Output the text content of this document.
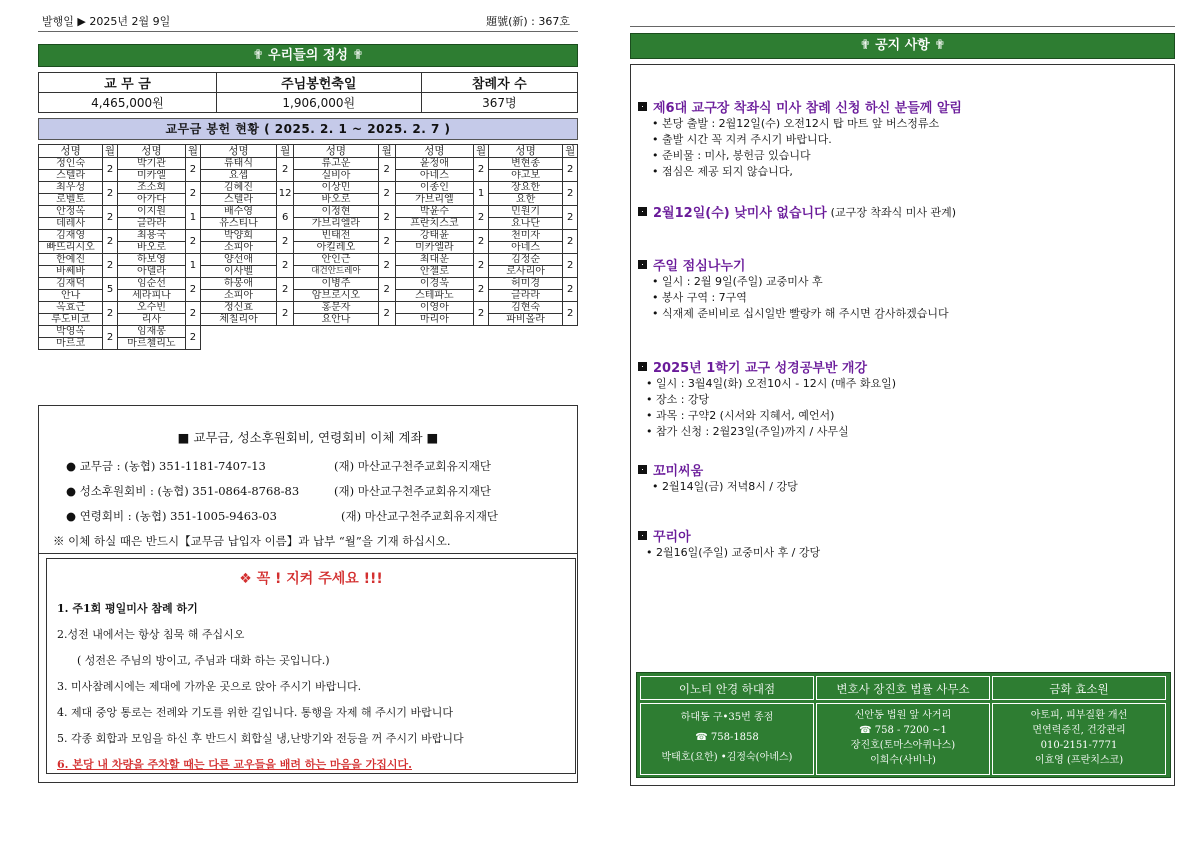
발행일 ▶ 2025년 2월 9일	題號(新) : 367호
✟ 우리들의 정성 ✟
교 무 금	주님봉헌축일	참례자 수
4,465,000원	1,906,000원	367명
교무금 봉헌 현황 ( 2025. 2. 1 ~ 2025. 2. 7 )
성명	월	성명	월	성명	월	성명	월	성명	월	성명	월
정인숙	2	박기관	2	류태식	2	류고운	2	윤정애	2	변현종	2
스텔라		미카엘		요셉		실비아		아네스		야고보	
최우성	2	조소희	2	김혜진	12	이상민	2	이종인	1	장요한	2
로벨토		아가다		스텔라		바오로		가브리엘		요한	
안정옥	2	이지원	1	배수영	6	이정현	2	박윤수	2	민원기	2
데레사		글라라		유스티나		가브리엘라		프란치스코		요나단	
김재영	2	최용국	2	박양희	2	빈태전	2	강태윤	2	천미자	2
빠뜨리시오		바오로		소피아		아킬레오		미카엘라		아네스	
한예진	2	하보영	1	양선애	2	안인근	2	최대운	2	김정순	2
바쎄바		아델라		이사벨		대건안드레아		안젤로		로사리아	
김재덕	5	임순선	2	하봉애	2	이병주	2	이경욱	2	허미경	2
안나		세라피나		소피아		암브로시오		스테파노		글라라	
옥효근	2	오수빈	2	정신효	2	홍문자	2	이영아	2	김현숙	2
루도비코		리사		체칠리아		요안나		마리아		파비올라	
박영옥	2	임재봉	2								
마르코		마르첼리노									
■ 교무금, 성소후원회비, 연령회비 이체 계좌 ■
● 교무금 : (농협) 351-1181-7407-13	(재) 마산교구천주교회유지재단
● 성소후원회비 : (농협) 351-0864-8768-83	(재) 마산교구천주교회유지재단
● 연령회비 : (농협) 351-1005-9463-03	(재) 마산교구천주교회유지재단
※ 이체 하실 때은 반드시【교무금 납입자 이름】과 납부 “월”을 기재 하십시오.
❖ 꼭 ! 지켜 주세요 !!!
1. 주1회 평일미사 참례 하기
2.성전 내에서는 항상 침묵 해 주십시오
( 성전은 주님의 방이고, 주님과 대화 하는 곳입니다.)
3. 미사참례시에는 제대에 가까운 곳으로 앉아 주시기 바랍니다.
4. 제대 중앙 통로는 전례와 기도를 위한 길입니다. 통행을 자제 해 주시기 바랍니다
5. 각종 회합과 모임을 하신 후 반드시 회합실 냉,난방기와 전등을 꺼 주시기 바랍니다
6. 본당 내 차량을 주차할 때는 다른 교우들을 배려 하는 마음을 가집시다.
✟ 공지 사항 ✟
제6대 교구장 착좌식 미사 참례 신청 하신 분들께 알림
• 본당 출발 : 2월12일(수) 오전12시 탑 마트 앞 버스정류소
• 출발 시간 꼭 지켜 주시기 바랍니다.
• 준비물 : 미사, 봉헌금 있습니다
• 점심은 제공 되지 않습니다,
2월12일(수) 낮미사 없습니다 (교구장 착좌식 미사 관계)
주일 점심나누기
• 일시 : 2월 9일(주일) 교중미사 후
• 봉사 구역 : 7구역
• 식재제 준비비로 십시일반 빨랑카 해 주시면 감사하겠습니다
2025년 1학기 교구 성경공부반 개강
• 일시 : 3월4일(화) 오전10시 - 12시 (매주 화요일)
• 장소 : 강당
• 과목 : 구약2 (시서와 지혜서, 예언서)
• 참가 신청 : 2월23일(주일)까지 / 사무실
꼬미씨움
• 2월14일(금) 저녁8시 / 강당
꾸리아
• 2월16일(주일) 교중미사 후 / 강당
이노티 안경 하대점
하대동 구•35번 종점
☎ 758-1858
박태호(요한) •김정숙(아녜스)
변호사 장진호 법률 사무소
신안동 법원 앞 사거리
☎ 758 - 7200 ~1
장진호(토마스아퀴나스)
이희수(사비나)
금화 효소원
아토피, 피부질환 개선
면연력증진, 건강관리
010-2151-7771
이효영 (프란치스코)
